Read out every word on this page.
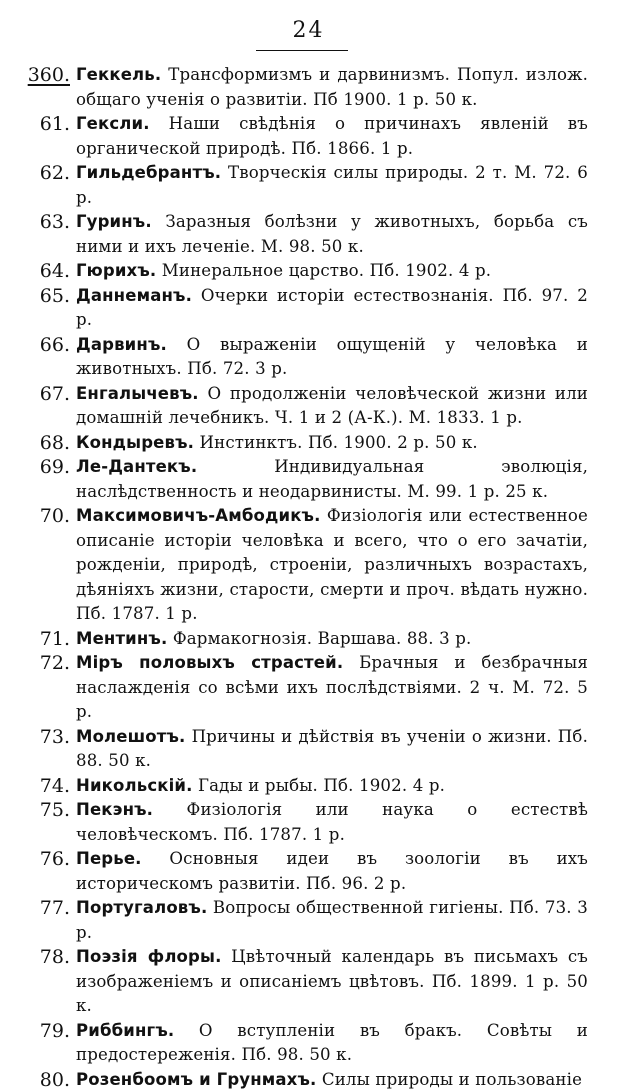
24
360. Геккель. Трансформизмъ и дарвинизмъ. Попул. излож. общаго ученія о развитіи. Пб 1900. 1 р. 50 к.
61. Гексли. Наши свѣдѣнія о причинахъ явленій въ органической природѣ. Пб. 1866. 1 р.
62. Гильдебрантъ. Творческія силы природы. 2 т. М. 72. 6 р.
63. Гуринъ. Заразныя болѣзни у животныхъ, борьба съ ними и ихъ леченіе. М. 98. 50 к.
64. Гюрихъ. Минеральное царство. Пб. 1902. 4 р.
65. Даннеманъ. Очерки исторіи естествознанія. Пб. 97. 2 р.
66. Дарвинъ. О выраженіи ощущеній у человѣка и животныхъ. Пб. 72. 3 р.
67. Енгалычевъ. О продолженіи человѣческой жизни или домашній лечебникъ. Ч. 1 и 2 (А-К.). М. 1833. 1 р.
68. Кондыревъ. Инстинктъ. Пб. 1900. 2 р. 50 к.
69. Ле-Дантекъ. Индивидуальная эволюція, наслѣдственность и неодарвинисты. М. 99. 1 р. 25 к.
70. Максимовичъ-Амбодикъ. Физіологія или естественное описаніе исторіи человѣка и всего, что о его зачатіи, рожденіи, природѣ, строеніи, различныхъ возрастахъ, дѣяніяхъ жизни, старости, смерти и проч. вѣдать нужно. Пб. 1787. 1 р.
71. Ментинъ. Фармакогнозія. Варшава. 88. 3 р.
72. Міръ половыхъ страстей. Брачныя и безбрачныя наслажденія со всѣми ихъ послѣдствіями. 2 ч. М. 72. 5 р.
73. Молешотъ. Причины и дѣйствія въ ученіи о жизни. Пб. 88. 50 к.
74. Никольскій. Гады и рыбы. Пб. 1902. 4 р.
75. Пекэнъ. Физіологія или наука о естествѣ человѣческомъ. Пб. 1787. 1 р.
76. Перье. Основныя идеи въ зоологіи въ ихъ историческомъ развитіи. Пб. 96. 2 р.
77. Португаловъ. Вопросы общественной гигіены. Пб. 73. 3 р.
78. Поэзія флоры. Цвѣточный календарь въ письмахъ съ изображеніемъ и описаніемъ цвѣтовъ. Пб. 1899. 1 р. 50 к.
79. Риббингъ. О вступленіи въ бракъ. Совѣты и предостереженія. Пб. 98. 50 к.
80. Розенбоомъ и Грунмахъ. Силы природы и пользованіе
